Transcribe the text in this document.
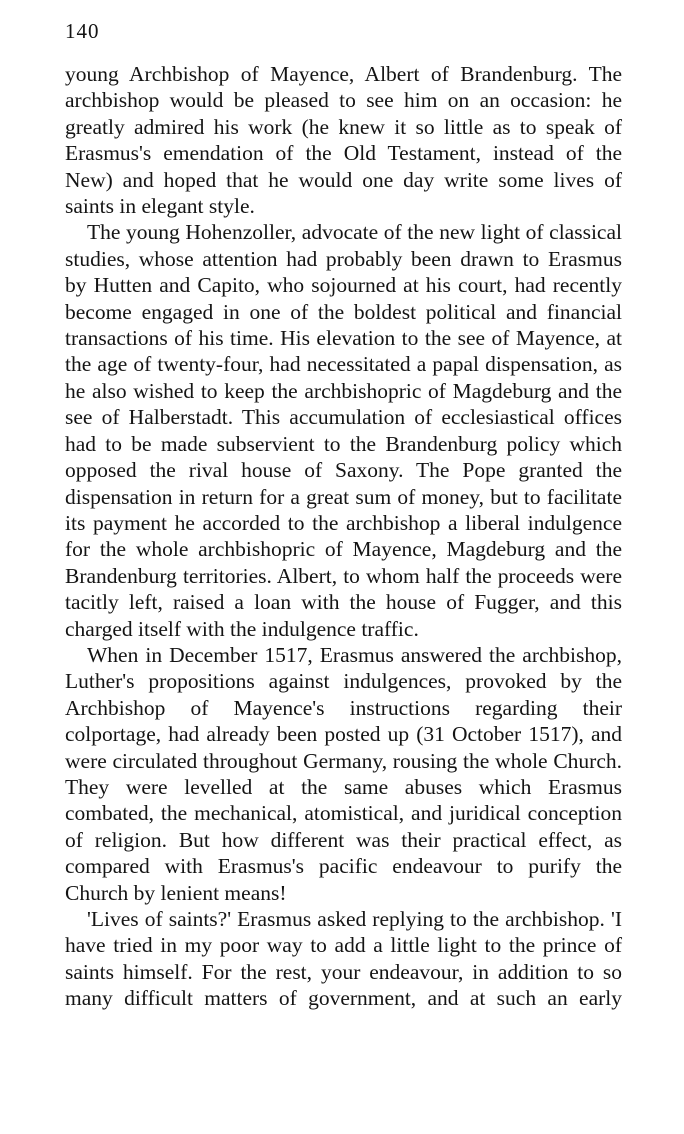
140

young Archbishop of Mayence, Albert of Brandenburg. The archbishop would be pleased to see him on an occasion: he greatly admired his work (he knew it so little as to speak of Erasmus's emendation of the Old Testament, instead of the New) and hoped that he would one day write some lives of saints in elegant style.

The young Hohenzoller, advocate of the new light of classical studies, whose attention had probably been drawn to Erasmus by Hutten and Capito, who sojourned at his court, had recently become engaged in one of the boldest political and financial transactions of his time. His elevation to the see of Mayence, at the age of twenty-four, had necessitated a papal dispensation, as he also wished to keep the archbishopric of Magdeburg and the see of Halberstadt. This accumulation of ecclesiastical offices had to be made subservient to the Brandenburg policy which opposed the rival house of Saxony. The Pope granted the dispensation in return for a great sum of money, but to facilitate its payment he accorded to the archbishop a liberal indulgence for the whole archbishopric of Mayence, Magdeburg and the Brandenburg territories. Albert, to whom half the proceeds were tacitly left, raised a loan with the house of Fugger, and this charged itself with the indulgence traffic.

When in December 1517, Erasmus answered the archbishop, Luther's propositions against indulgences, provoked by the Archbishop of Mayence's instructions regarding their colportage, had already been posted up (31 October 1517), and were circulated throughout Germany, rousing the whole Church. They were levelled at the same abuses which Erasmus combated, the mechanical, atomistical, and juridical conception of religion. But how different was their practical effect, as compared with Erasmus's pacific endeavour to purify the Church by lenient means!

'Lives of saints?' Erasmus asked replying to the archbishop. 'I have tried in my poor way to add a little light to the prince of saints himself. For the rest, your endeavour, in addition to so many difficult matters of government, and at such an early
